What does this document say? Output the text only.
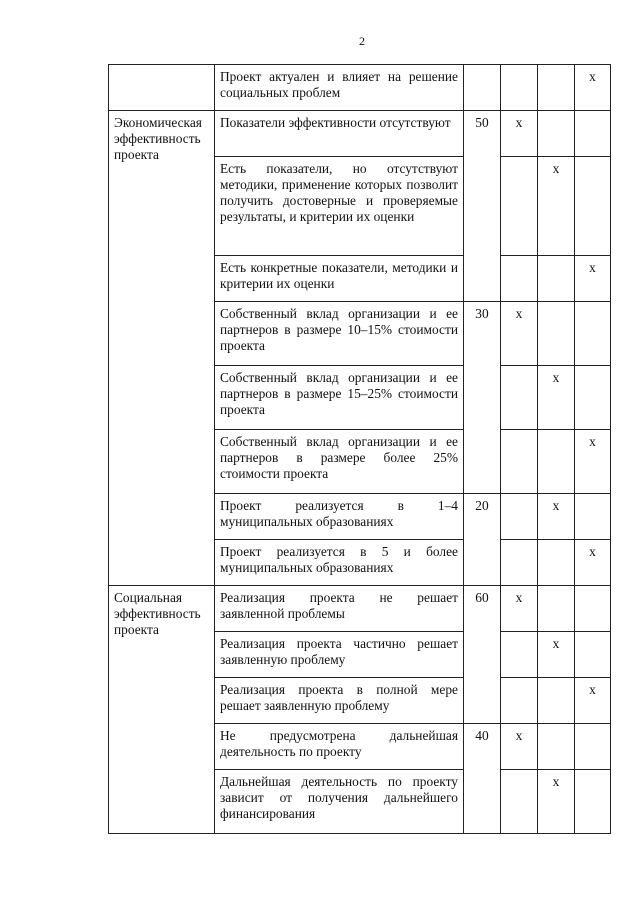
2
	Проект актуален и влияет на решение социальных проблем				х
Экономическая эффективность проекта	Показатели эффективности отсутствуют	50	х		
	Есть показатели, но отсутствуют методики, применение которых позволит получить достоверные и проверяемые результаты, и критерии их оценки			х	
	Есть конкретные показатели, методики и критерии их оценки				х
	Собственный вклад организации и ее партнеров в размере 10–15% стоимости проекта	30	х		
	Собственный вклад организации и ее партнеров в размере 15–25% стоимости проекта			х	
	Собственный вклад организации и ее партнеров в размере более 25% стоимости проекта				х
	Проект реализуется в 1–4 муниципальных образованиях	20		х	
	Проект реализуется в 5 и более муниципальных образованиях				х
Социальная эффективность проекта	Реализация проекта не решает заявленной проблемы	60	х		
	Реализация проекта частично решает заявленную проблему			х	
	Реализация проекта в полной мере решает заявленную проблему				х
	Не предусмотрена дальнейшая деятельность по проекту	40	х		
	Дальнейшая деятельность по проекту зависит от получения дальнейшего финансирования			х	
